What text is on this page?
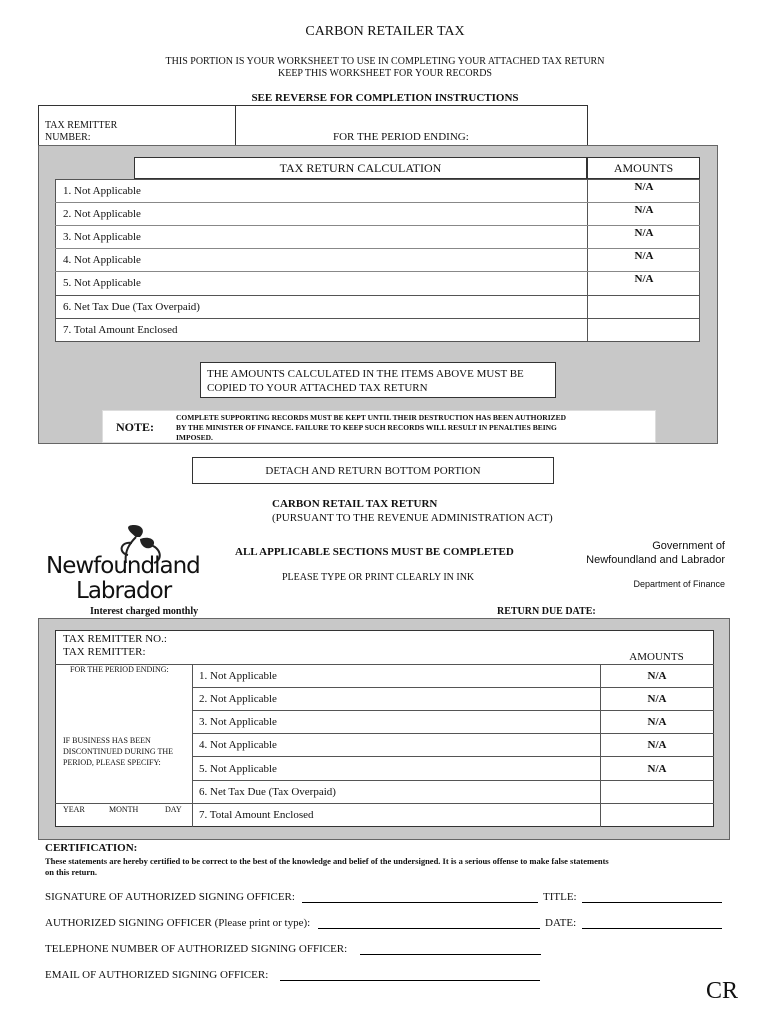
CARBON RETAILER TAX
THIS PORTION IS YOUR WORKSHEET TO USE IN COMPLETING YOUR ATTACHED TAX RETURN
KEEP THIS WORKSHEET FOR YOUR RECORDS
SEE REVERSE FOR COMPLETION INSTRUCTIONS
TAX REMITTER
NUMBER:	FOR THE PERIOD ENDING:
TAX RETURN CALCULATION	AMOUNTS
1. Not Applicable	N/A
2. Not Applicable	N/A
3. Not Applicable	N/A
4. Not Applicable	N/A
5. Not Applicable	N/A
6. Net Tax Due (Tax Overpaid)
7. Total Amount Enclosed
THE AMOUNTS CALCULATED IN THE ITEMS ABOVE MUST BE
COPIED TO YOUR ATTACHED TAX RETURN
NOTE:
COMPLETE SUPPORTING RECORDS MUST BE KEPT UNTIL THEIR DESTRUCTION HAS BEEN AUTHORIZED
BY THE MINISTER OF FINANCE. FAILURE TO KEEP SUCH RECORDS WILL RESULT IN PENALTIES BEING
IMPOSED.
DETACH AND RETURN BOTTOM PORTION
CARBON RETAIL TAX RETURN
(PURSUANT TO THE REVENUE ADMINISTRATION ACT)
Newfoundland
Labrador
ALL APPLICABLE SECTIONS MUST BE COMPLETED
PLEASE TYPE OR PRINT CLEARLY IN INK
Government of
Newfoundland and Labrador
Department of Finance
Interest charged monthly	RETURN DUE DATE:
TAX REMITTER NO.:
TAX REMITTER:	AMOUNTS
FOR THE PERIOD ENDING:
IF BUSINESS HAS BEEN
DISCONTINUED DURING THE
PERIOD, PLEASE SPECIFY:
YEAR	MONTH	DAY
1. Not Applicable	N/A
2. Not Applicable	N/A
3. Not Applicable	N/A
4. Not Applicable	N/A
5. Not Applicable	N/A
6. Net Tax Due (Tax Overpaid)
7. Total Amount Enclosed
CERTIFICATION:
These statements are hereby certified to be correct to the best of the knowledge and belief of the undersigned. It is a serious offense to make false statements
on this return.
SIGNATURE OF AUTHORIZED SIGNING OFFICER:	TITLE:
AUTHORIZED SIGNING OFFICER (Please print or type):	DATE:
TELEPHONE NUMBER OF AUTHORIZED SIGNING OFFICER:
EMAIL OF AUTHORIZED SIGNING OFFICER:
CR
